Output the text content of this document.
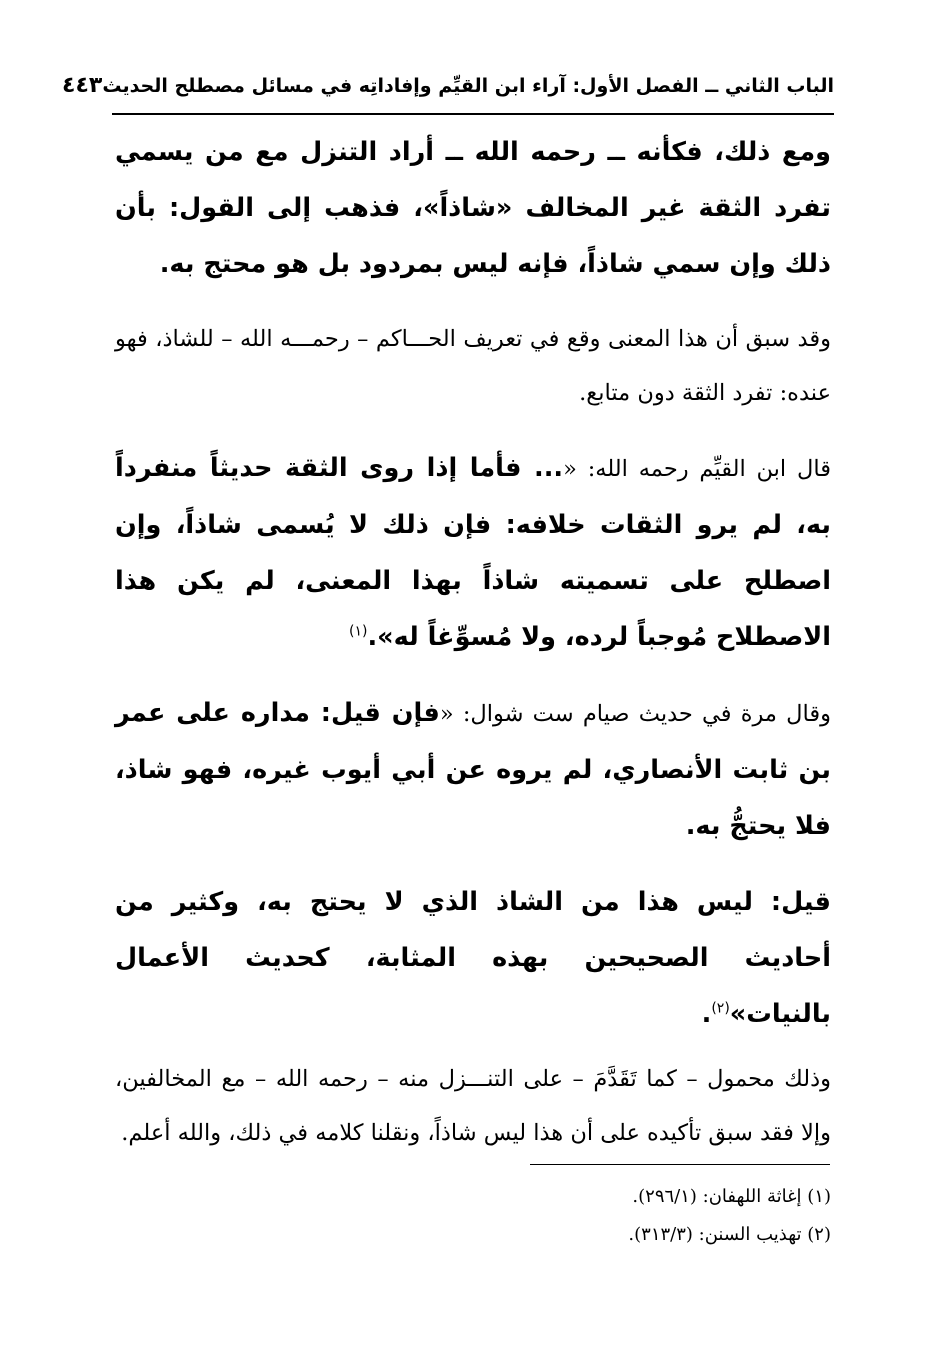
الباب الثاني ــ الفصل الأول: آراء ابن القيِّم وإفاداتِه في مسائل مصطلح الحديث
٤٤٣

ومع ذلك، فكأنه ــ رحمه الله ــ أراد التنزل مع من يسمي تفرد الثقة غير المخالف «شاذاً»، فذهب إلى القول: بأن ذلك وإن سمي شاذاً، فإنه ليس بمردود بل هو محتج به.

وقد سبق أن هذا المعنى وقع في تعريف الحـــاكم – رحمـــه الله – للشاذ، فهو عنده: تفرد الثقة دون متابع.

قال ابن القيِّم رحمه الله: «... فأما إذا روى الثقة حديثاً منفرداً به، لم يرو الثقات خلافه: فإن ذلك لا يُسمى شاذاً، وإن اصطلح على تسميته شاذاً بهذا المعنى، لم يكن هذا الاصطلاح مُوجباً لرده، ولا مُسوِّغاً له».$^{(١)}$

وقال مرة في حديث صيام ست شوال: «فإن قيل: مداره على عمر بن ثابت الأنصاري، لم يروه عن أبي أيوب غيره، فهو شاذ، فلا يحتجُّ به.

قيل: ليس هذا من الشاذ الذي لا يحتج به، وكثير من أحاديث الصحيحين بهذه المثابة، كحديث الأعمال بالنيات»$^{(٢)}$.

وذلك محمول – كما تَقَدَّمَ – على التنـــزل منه – رحمه الله – مع المخالفين، وإلا فقد سبق تأكيده على أن هذا ليس شاذاً، ونقلنا كلامه في ذلك، والله أعلم.

(١) إغاثة اللهفان: (٢٩٦/١).
(٢) تهذيب السنن: (٣١٣/٣).
